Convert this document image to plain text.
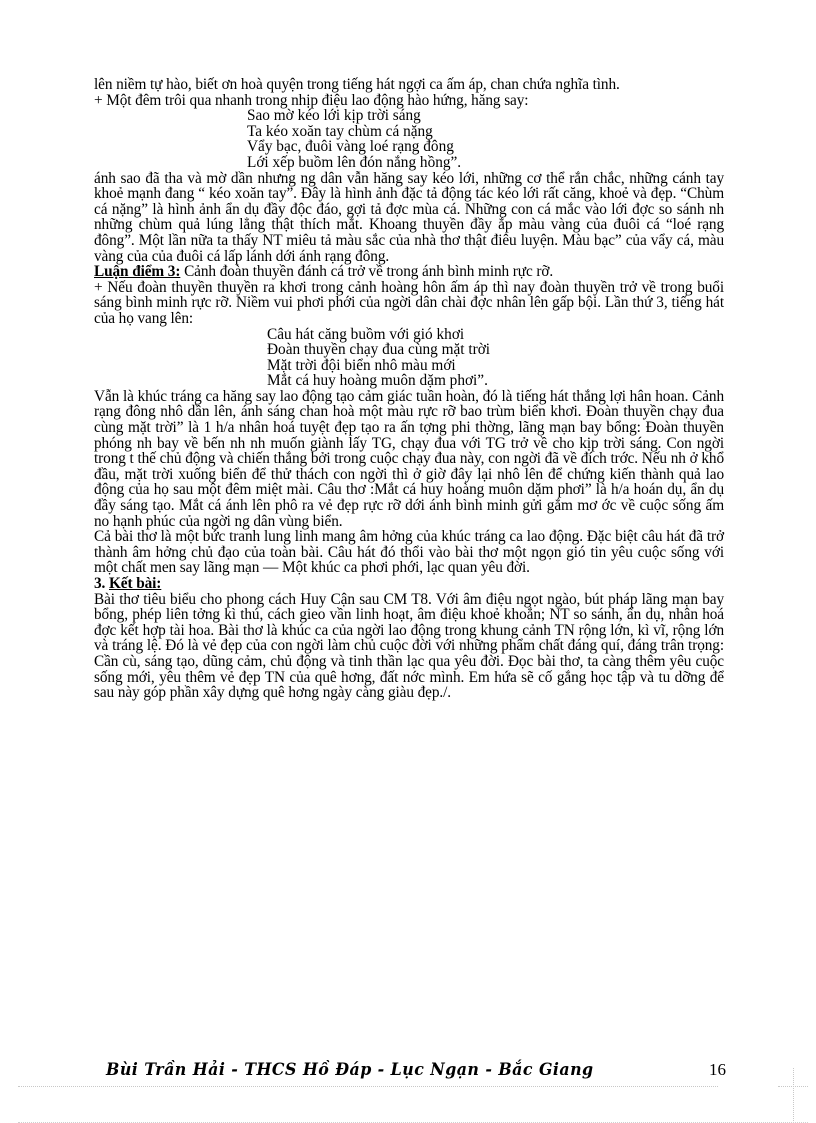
lên niềm tự hào, biết ơn hoà quyện trong tiếng hát ngợi ca ấm áp, chan chứa nghĩa tình.

+ Một đêm trôi qua nhanh trong nhịp điệu lao động hào hứng, hăng say:

Sao mờ kéo lới kịp trời sáng
Ta kéo xoăn tay chùm cá nặng
Vẩy bạc, đuôi vàng loé rạng đông
Lới xếp buồm lên đón nắng hồng”.

ánh sao đã tha và mờ dần nhưng ng dân vẫn hăng say kéo lới, những cơ thể rắn chắc, những cánh tay khoẻ mạnh đang “ kéo xoăn tay”. Đây là hình ảnh đặc tả động tác kéo lới rất căng, khoẻ và đẹp. “Chùm cá nặng” là hình ảnh ẩn dụ đầy độc đáo, gợi tả đợc mùa cá. Những con cá mắc vào lới đợc so sánh nh những chùm quả lúng lẳng thật thích mắt. Khoang thuyền đầy ắp màu vàng của đuôi cá “loé rạng đông”. Một lần nữa ta thấy NT miêu tả màu sắc của nhà thơ thật điêu luyện. Màu bạc” của vẩy cá, màu vàng của của đuôi cá lấp lánh dới ánh rạng đông.

Luận điểm 3: Cảnh đoàn thuyền đánh cá trở về trong ánh bình minh rực rỡ.

+ Nếu đoàn thuyền thuyền ra khơi trong cảnh hoàng hôn ấm áp thì nay đoàn thuyền trở về trong buổi sáng bình minh rực rỡ. Niềm vui phơi phới của ngời dân chài đợc nhân lên gấp bội. Lần thứ 3, tiếng hát của họ vang lên:

Câu hát căng buồm với gió khơi
Đoàn thuyền chạy đua cùng mặt trời
Mặt trời đội biển nhô màu mới
Mắt cá huy hoàng muôn dặm phơi”.

Vẫn là khúc tráng ca hăng say lao động tạo cảm giác tuần hoàn, đó là tiếng hát thắng lợi hân hoan. Cảnh rạng đông nhô dần lên, ánh sáng chan hoà một màu rực rỡ bao trùm biển khơi. Đoàn thuyền chạy đua cùng mặt trời” là 1 h/a nhân hoá tuyệt đẹp tạo ra ấn tợng phi thờng, lãng mạn bay bổng: Đoàn thuyền phóng nh bay về bến nh nh muốn giành lấy TG, chạy đua với TG trở về cho kịp trời sáng. Con ngời trong t thế chủ động và chiến thắng bởi trong cuộc chạy đua này, con ngời đã về đích trớc. Nếu nh ở khổ đầu, mặt trời xuống biển để thử thách con ngời thì ở giờ đây lại nhô lên để chứng kiến thành quả lao động của họ sau một đêm miệt mài. Câu thơ :Mắt cá huy hoàng muôn dặm phơi” là h/a hoán dụ, ẩn dụ đầy sáng tạo. Mắt cá ánh lên phô ra vẻ đẹp rực rỡ dới ánh bình minh gửi gắm mơ ớc về cuộc sống ấm no hạnh phúc của ngời ng dân vùng biển.

Cả bài thơ là một bức tranh lung linh mang âm hởng của khúc tráng ca lao động. Đặc biệt câu hát đã trở thành âm hởng chủ đạo của toàn bài. Câu hát đó thổi vào bài thơ một ngọn gió tin yêu cuộc sống với một chất men say lãng mạn — Một khúc ca phơi phới, lạc quan yêu đời.

3. Kết bài:

Bài thơ tiêu biểu cho phong cách Huy Cận sau CM T8. Với âm điệu ngọt ngào, bút pháp lãng mạn bay bổng, phép liên tởng kì thú, cách gieo vần linh hoạt, âm điệu khoẻ khoắn; NT so sánh, ẩn dụ, nhân hoá đợc kết hợp tài hoa. Bài thơ là khúc ca của ngời lao động trong khung cảnh TN rộng lớn, kì vĩ, rộng lớn và tráng lệ. Đó là vẻ đẹp của con ngời làm chủ cuộc đời với những phẩm chất đáng quí, đáng trân trọng: Cần cù, sáng tạo, dũng cảm, chủ động và tinh thần lạc qua yêu đời. Đọc bài thơ, ta càng thêm yêu cuộc sống mới, yêu thêm vẻ đẹp TN của quê hơng, đất nớc mình. Em hứa sẽ cố gắng học tập và tu dỡng để sau này góp phần xây dựng quê hơng ngày càng giàu đẹp./.

Bùi Trần Hải - THCS Hồ Đáp - Lục Ngạn - Bắc Giang	16
